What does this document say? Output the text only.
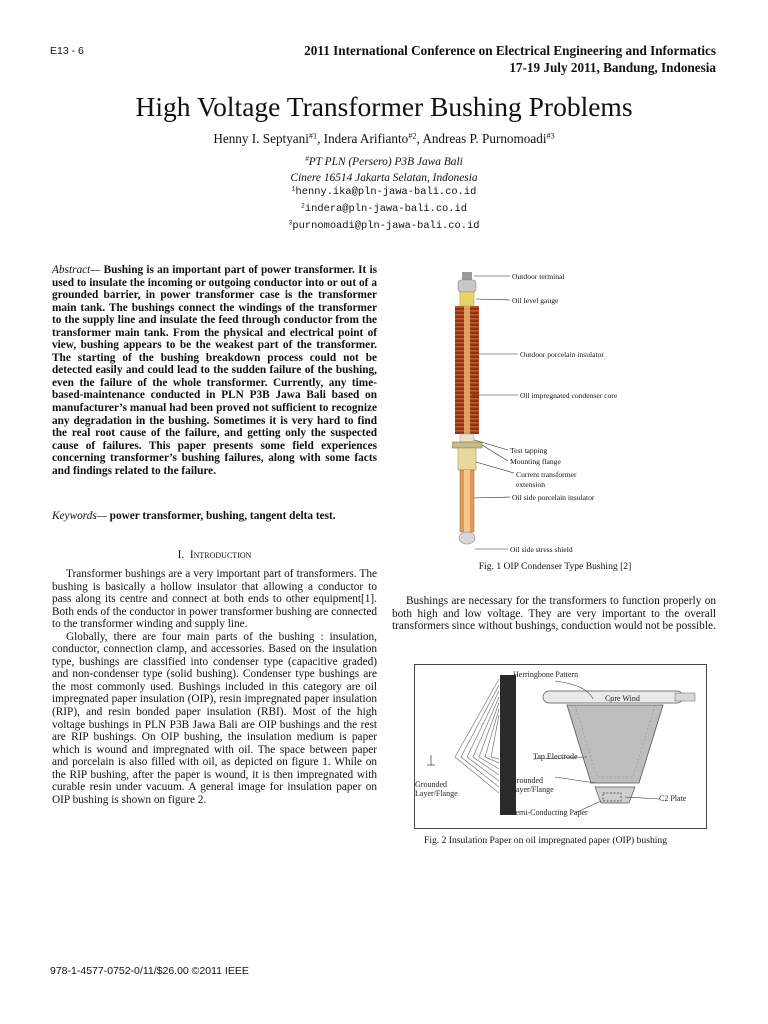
E13 - 6	2011 International Conference on Electrical Engineering and Informatics
17-19 July 2011, Bandung, Indonesia
High Voltage Transformer Bushing Problems
Henny I. Septyani$^{\#1}$, Indera Arifianto$^{\#2}$, Andreas P. Purnomoadi$^{\#3}$
#PT PLN (Persero) P3B Jawa Bali
Cinere 16514 Jakarta Selatan, Indonesia
$^1$henny.ika@pln-jawa-bali.co.id
$^2$indera@pln-jawa-bali.co.id
$^3$purnomoadi@pln-jawa-bali.co.id
Abstract— Bushing is an important part of power transformer. It is used to insulate the incoming or outgoing conductor into or out of a grounded barrier, in power transformer case is the transformer main tank. The bushings connect the windings of the transformer to the supply line and insulate the feed through conductor from the transformer main tank. From the physical and electrical point of view, bushing appears to be the weakest part of the transformer. The starting of the bushing breakdown process could not be detected easily and could lead to the sudden failure of the bushing, even the failure of the whole transformer. Currently, any time-based-maintenance conducted in PLN P3B Jawa Bali based on manufacturer’s manual had been proved not sufficient to recognize any degradation in the bushing. Sometimes it is very hard to find the real root cause of the failure, and getting only the suspected cause of failures. This paper presents some field experiences concerning transformer’s bushing failures, along with some facts and findings related to the failure.
Keywords— power transformer, bushing, tangent delta test.
I. Introduction

Transformer bushings are a very important part of transformers. The bushing is basically a hollow insulator that allowing a conductor to pass along its centre and connect at both ends to other equipment[1]. Both ends of the conductor in power transformer bushing are connected to the transformer winding and supply line.

Globally, there are four main parts of the bushing : insulation, conductor, connection clamp, and accessories. Based on the insulation type, bushings are classified into condenser type (capacitive graded) and non-condenser type (solid bushing). Condenser type bushings are the most commonly used. Bushings included in this category are oil impregnated paper insulation (OIP), resin impregnated paper insulation (RIP), and resin bonded paper insulation (RBI). Most of the high voltage bushings in PLN P3B Jawa Bali are OIP bushings and the rest are RIP bushings. On OIP bushing, the insulation medium is paper which is wound and impregnated with oil. The space between paper and porcelain is also filled with oil, as depicted on figure 1. While on the RIP bushing, after the paper is wound, it is then impregnated with curable resin under vacuum. A general image for insulation paper on OIP bushing is shown on figure 2.

Outdoor terminal
Oil level gauge
Outdoor porcelain insulator
Oil impregnated condenser core
Test tapping
Mounting flange
Current transformer
extension
Oil side porcelain insulator
Oil side stress shield
Fig. 1 OIP Condenser Type Bushing [2]

Bushings are necessary for the transformers to function properly on both high and low voltage. They are very important to the overall transformers since without bushings, conduction would not be possible.

Herringbone Pattern
Core Wind
Tap Electrode
Grounded
Layer/Flange
Grounded
Layer/Flange
C2 Plate
Semi-Conducting Paper
Fig. 2 Insulation Paper on oil impregnated paper (OIP) bushing
978-1-4577-0752-0/11/$26.00 ©2011 IEEE
